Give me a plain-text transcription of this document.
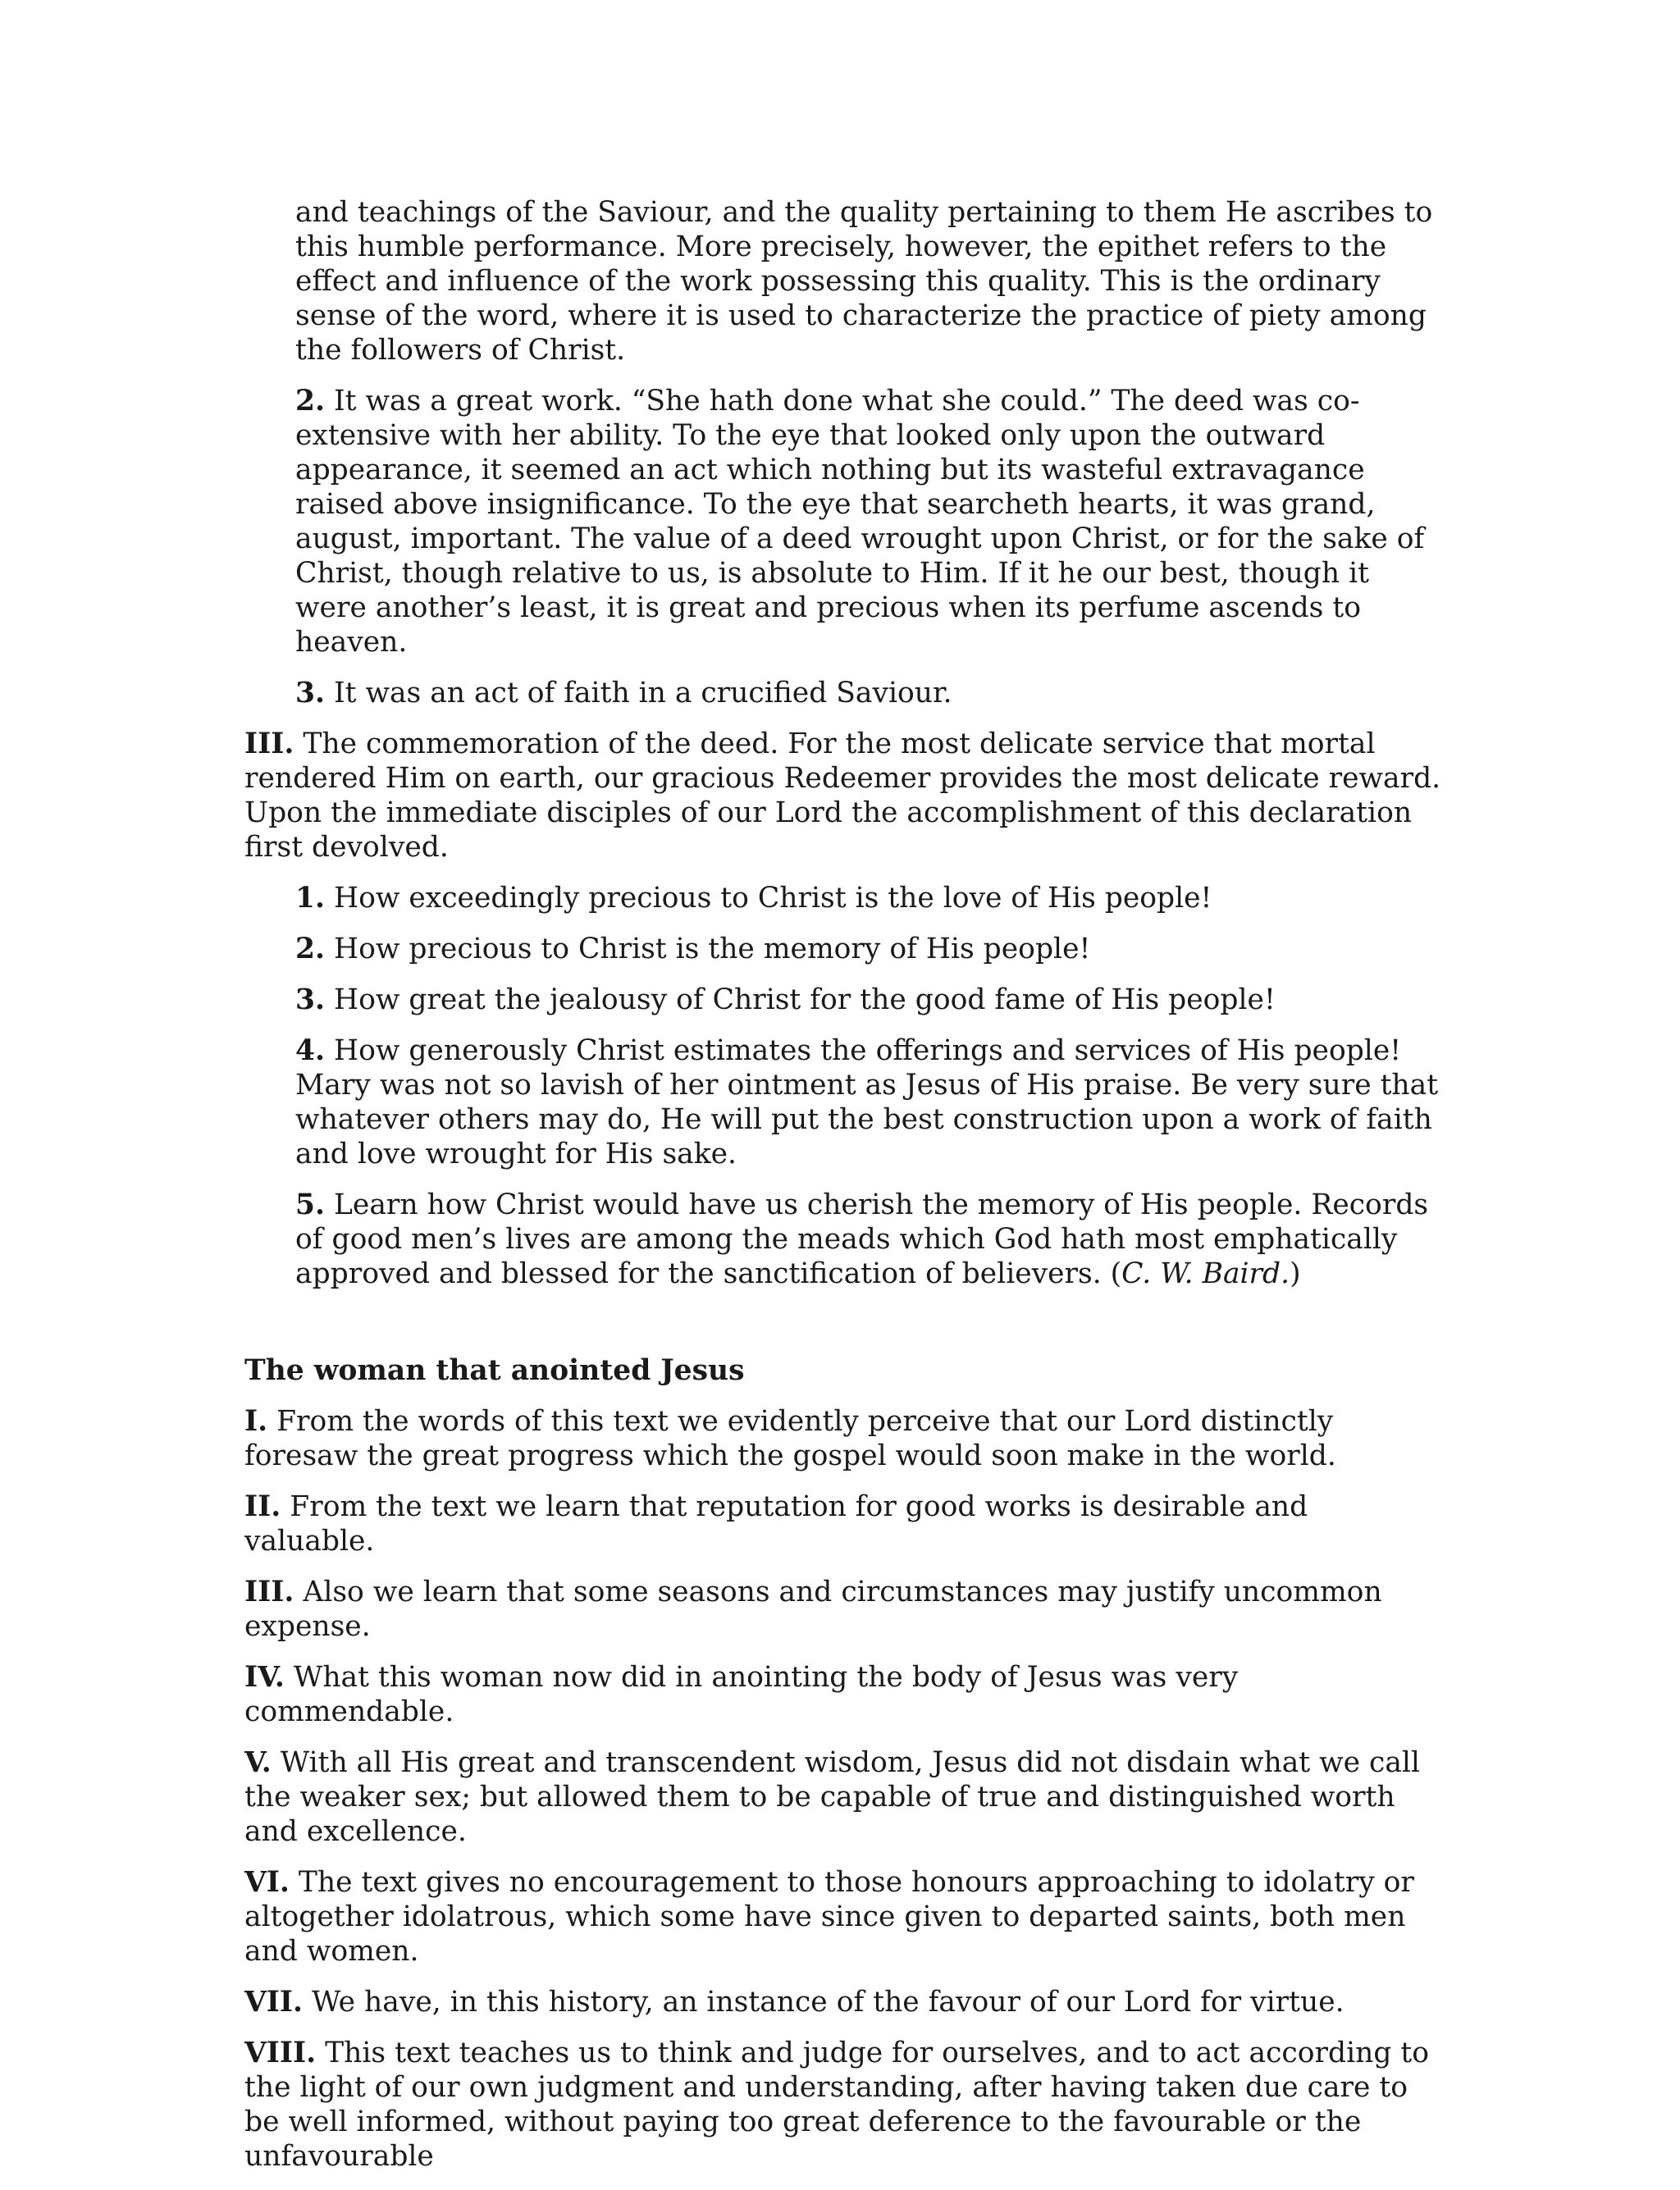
and teachings of the Saviour, and the quality pertaining to them He ascribes to this humble performance. More precisely, however, the epithet refers to the effect and influence of the work possessing this quality. This is the ordinary sense of the word, where it is used to characterize the practice of piety among the followers of Christ.

2. It was a great work. “She hath done what she could.” The deed was co-extensive with her ability. To the eye that looked only upon the outward appearance, it seemed an act which nothing but its wasteful extravagance raised above insignificance. To the eye that searcheth hearts, it was grand, august, important. The value of a deed wrought upon Christ, or for the sake of Christ, though relative to us, is absolute to Him. If it he our best, though it were another’s least, it is great and precious when its perfume ascends to heaven.

3. It was an act of faith in a crucified Saviour.

III. The commemoration of the deed. For the most delicate service that mortal rendered Him on earth, our gracious Redeemer provides the most delicate reward. Upon the immediate disciples of our Lord the accomplishment of this declaration first devolved.

1. How exceedingly precious to Christ is the love of His people!

2. How precious to Christ is the memory of His people!

3. How great the jealousy of Christ for the good fame of His people!

4. How generously Christ estimates the offerings and services of His people! Mary was not so lavish of her ointment as Jesus of His praise. Be very sure that whatever others may do, He will put the best construction upon a work of faith and love wrought for His sake.

5. Learn how Christ would have us cherish the memory of His people. Records of good men’s lives are among the meads which God hath most emphatically approved and blessed for the sanctification of believers. (C. W. Baird.)

The woman that anointed Jesus

I. From the words of this text we evidently perceive that our Lord distinctly foresaw the great progress which the gospel would soon make in the world.

II. From the text we learn that reputation for good works is desirable and valuable.

III. Also we learn that some seasons and circumstances may justify uncommon expense.

IV. What this woman now did in anointing the body of Jesus was very commendable.

V. With all His great and transcendent wisdom, Jesus did not disdain what we call the weaker sex; but allowed them to be capable of true and distinguished worth and excellence.

VI. The text gives no encouragement to those honours approaching to idolatry or altogether idolatrous, which some have since given to departed saints, both men and women.

VII. We have, in this history, an instance of the favour of our Lord for virtue.

VIII. This text teaches us to think and judge for ourselves, and to act according to the light of our own judgment and understanding, after having taken due care to be well informed, without paying too great deference to the favourable or the unfavourable
